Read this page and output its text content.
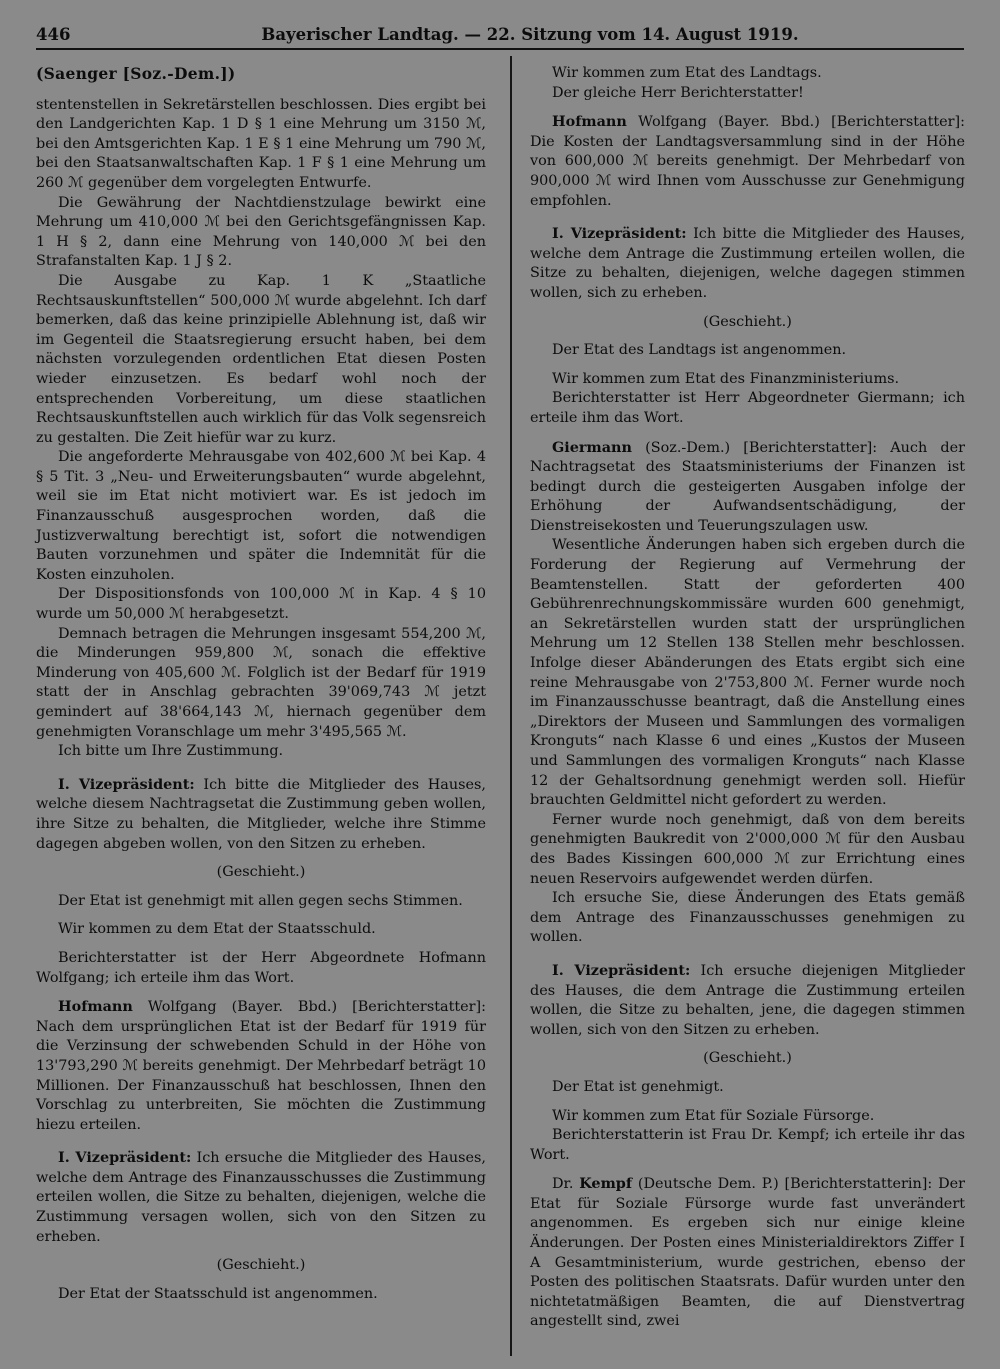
446	Bayerischer Landtag. — 22. Sitzung vom 14. August 1919.

(Saenger [Soz.-Dem.])

stentenstellen in Sekretärstellen beschlossen. Dies ergibt bei den Landgerichten Kap. 1 D § 1 eine Mehrung um 3150 ℳ, bei den Amtsgerichten Kap. 1 E § 1 eine Mehrung um 790 ℳ, bei den Staatsanwaltschaften Kap. 1 F § 1 eine Mehrung um 260 ℳ gegenüber dem vorgelegten Entwurfe.

Die Gewährung der Nachtdienstzulage bewirkt eine Mehrung um 410,000 ℳ bei den Gerichtsgefängnissen Kap. 1 H § 2, dann eine Mehrung von 140,000 ℳ bei den Strafanstalten Kap. 1 J § 2.

Die Ausgabe zu Kap. 1 K „Staatliche Rechtsauskunftstellen“ 500,000 ℳ wurde abgelehnt. Ich darf bemerken, daß das keine prinzipielle Ablehnung ist, daß wir im Gegenteil die Staatsregierung ersucht haben, bei dem nächsten vorzulegenden ordentlichen Etat diesen Posten wieder einzusetzen. Es bedarf wohl noch der entsprechenden Vorbereitung, um diese staatlichen Rechtsauskunftstellen auch wirklich für das Volk segensreich zu gestalten. Die Zeit hiefür war zu kurz.

Die angeforderte Mehrausgabe von 402,600 ℳ bei Kap. 4 § 5 Tit. 3 „Neu- und Erweiterungsbauten“ wurde abgelehnt, weil sie im Etat nicht motiviert war. Es ist jedoch im Finanzausschuß ausgesprochen worden, daß die Justizverwaltung berechtigt ist, sofort die notwendigen Bauten vorzunehmen und später die Indemnität für die Kosten einzuholen.

Der Dispositionsfonds von 100,000 ℳ in Kap. 4 § 10 wurde um 50,000 ℳ herabgesetzt.

Demnach betragen die Mehrungen insgesamt 554,200 ℳ, die Minderungen 959,800 ℳ, sonach die effektive Minderung von 405,600 ℳ. Folglich ist der Bedarf für 1919 statt der in Anschlag gebrachten 39'069,743 ℳ jetzt gemindert auf 38'664,143 ℳ, hiernach gegenüber dem genehmigten Voranschlage um mehr 3'495,565 ℳ.

Ich bitte um Ihre Zustimmung.

I. Vizepräsident: Ich bitte die Mitglieder des Hauses, welche diesem Nachtragsetat die Zustimmung geben wollen, ihre Sitze zu behalten, die Mitglieder, welche ihre Stimme dagegen abgeben wollen, von den Sitzen zu erheben.

(Geschieht.)

Der Etat ist genehmigt mit allen gegen sechs Stimmen.

Wir kommen zu dem Etat der Staatsschuld.

Berichterstatter ist der Herr Abgeordnete Hofmann Wolfgang; ich erteile ihm das Wort.

Hofmann Wolfgang (Bayer. Bbd.) [Berichterstatter]: Nach dem ursprünglichen Etat ist der Bedarf für 1919 für die Verzinsung der schwebenden Schuld in der Höhe von 13'793,290 ℳ bereits genehmigt. Der Mehrbedarf beträgt 10 Millionen. Der Finanzausschuß hat beschlossen, Ihnen den Vorschlag zu unterbreiten, Sie möchten die Zustimmung hiezu erteilen.

I. Vizepräsident: Ich ersuche die Mitglieder des Hauses, welche dem Antrage des Finanzausschusses die Zustimmung erteilen wollen, die Sitze zu behalten, diejenigen, welche die Zustimmung versagen wollen, sich von den Sitzen zu erheben.

(Geschieht.)

Der Etat der Staatsschuld ist angenommen.

Wir kommen zum Etat des Landtags.

Der gleiche Herr Berichterstatter!

Hofmann Wolfgang (Bayer. Bbd.) [Berichterstatter]: Die Kosten der Landtagsversammlung sind in der Höhe von 600,000 ℳ bereits genehmigt. Der Mehrbedarf von 900,000 ℳ wird Ihnen vom Ausschusse zur Genehmigung empfohlen.

I. Vizepräsident: Ich bitte die Mitglieder des Hauses, welche dem Antrage die Zustimmung erteilen wollen, die Sitze zu behalten, diejenigen, welche dagegen stimmen wollen, sich zu erheben.

(Geschieht.)

Der Etat des Landtags ist angenommen.

Wir kommen zum Etat des Finanzministeriums.

Berichterstatter ist Herr Abgeordneter Giermann; ich erteile ihm das Wort.

Giermann (Soz.-Dem.) [Berichterstatter]: Auch der Nachtragsetat des Staatsministeriums der Finanzen ist bedingt durch die gesteigerten Ausgaben infolge der Erhöhung der Aufwandsentschädigung, der Dienstreisekosten und Teuerungszulagen usw.

Wesentliche Änderungen haben sich ergeben durch die Forderung der Regierung auf Vermehrung der Beamtenstellen. Statt der geforderten 400 Gebührenrechnungskommissäre wurden 600 genehmigt, an Sekretärstellen wurden statt der ursprünglichen Mehrung um 12 Stellen 138 Stellen mehr beschlossen. Infolge dieser Abänderungen des Etats ergibt sich eine reine Mehrausgabe von 2'753,800 ℳ. Ferner wurde noch im Finanzausschusse beantragt, daß die Anstellung eines „Direktors der Museen und Sammlungen des vormaligen Kronguts“ nach Klasse 6 und eines „Kustos der Museen und Sammlungen des vormaligen Kronguts“ nach Klasse 12 der Gehaltsordnung genehmigt werden soll. Hiefür brauchten Geldmittel nicht gefordert zu werden.

Ferner wurde noch genehmigt, daß von dem bereits genehmigten Baukredit von 2'000,000 ℳ für den Ausbau des Bades Kissingen 600,000 ℳ zur Errichtung eines neuen Reservoirs aufgewendet werden dürfen.

Ich ersuche Sie, diese Änderungen des Etats gemäß dem Antrage des Finanzausschusses genehmigen zu wollen.

I. Vizepräsident: Ich ersuche diejenigen Mitglieder des Hauses, die dem Antrage die Zustimmung erteilen wollen, die Sitze zu behalten, jene, die dagegen stimmen wollen, sich von den Sitzen zu erheben.

(Geschieht.)

Der Etat ist genehmigt.

Wir kommen zum Etat für Soziale Fürsorge.

Berichterstatterin ist Frau Dr. Kempf; ich erteile ihr das Wort.

Dr. Kempf (Deutsche Dem. P.) [Berichterstatterin]: Der Etat für Soziale Fürsorge wurde fast unverändert angenommen. Es ergeben sich nur einige kleine Änderungen. Der Posten eines Ministerialdirektors Ziffer I A Gesamtministerium, wurde gestrichen, ebenso der Posten des politischen Staatsrats. Dafür wurden unter den nichtetatmäßigen Beamten, die auf Dienstvertrag angestellt sind, zwei
